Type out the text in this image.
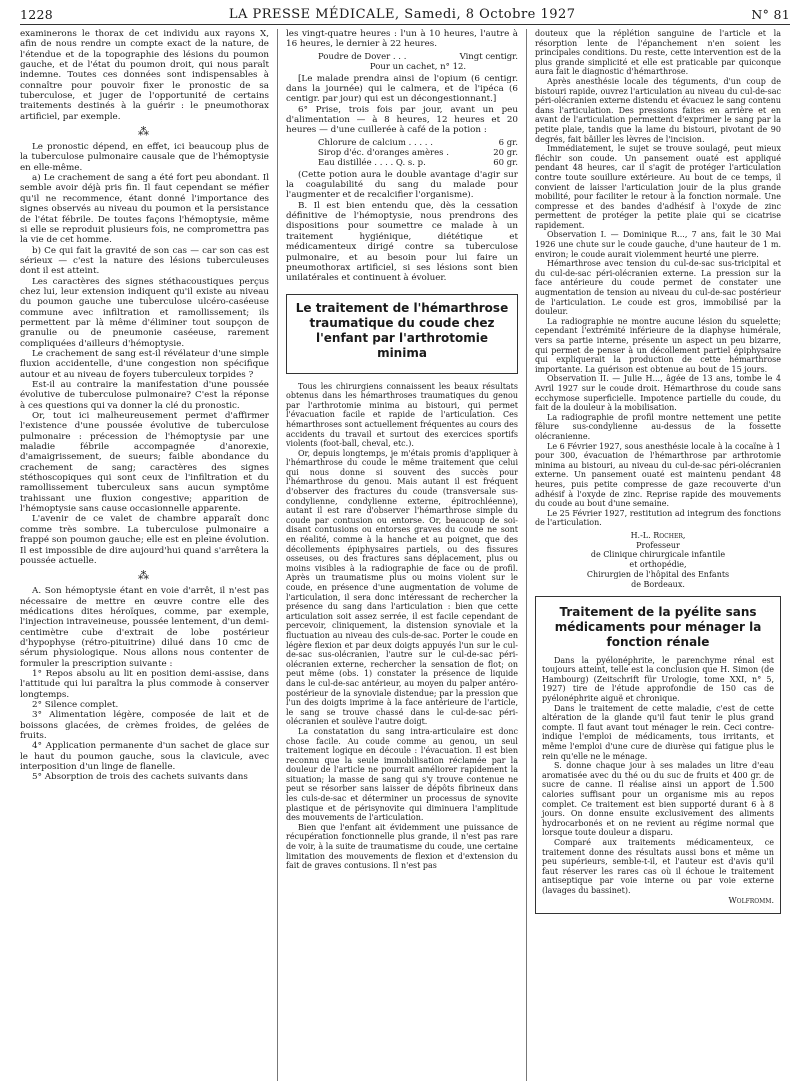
1228	LA PRESSE MÉDICALE, Samedi, 8 Octobre 1927	N° 81

examinerons le thorax de cet individu aux rayons X, afin de nous rendre un compte exact de la nature, de l'étendue et de la topographie des lésions du poumon gauche, et de l'état du poumon droit, qui nous paraît indemne. Toutes ces données sont indispensables à connaître pour pouvoir fixer le pronostic de sa tuberculose, et juger de l'opportunité de certains traitements destinés à la guérir : le pneumothorax artificiel, par exemple.

⁂

Le pronostic dépend, en effet, ici beaucoup plus de la tuberculose pulmonaire causale que de l'hémoptysie en elle-même.

a) Le crachement de sang a été fort peu abondant. Il semble avoir déjà pris fin. Il faut cependant se méfier qu'il ne recommence, étant donné l'importance des signes observés au niveau du poumon et la persistance de l'état fébrile. De toutes façons l'hémoptysie, même si elle se reproduit plusieurs fois, ne compromettra pas la vie de cet homme.

b) Ce qui fait la gravité de son cas — car son cas est sérieux — c'est la nature des lésions tuberculeuses dont il est atteint.

Les caractères des signes stéthacoustiques perçus chez lui, leur extension indiquent qu'il existe au niveau du poumon gauche une tuberculose ulcéro-caséeuse commune avec infiltration et ramollissement; ils permettent par là même d'éliminer tout soupçon de granulie ou de pneumonie caséeuse, rarement compliquées d'ailleurs d'hémoptysie.

Le crachement de sang est-il révélateur d'une simple fluxion accidentelle, d'une congestion non spécifique autour et au niveau de foyers tuberculeux torpides ?

Est-il au contraire la manifestation d'une poussée évolutive de tuberculose pulmonaire? C'est la réponse à ces questions qui va donner la clé du pronostic.

Or, tout ici malheureusement permet d'affirmer l'existence d'une poussée évolutive de tuberculose pulmonaire : précession de l'hémoptysie par une maladie fébrile accompagnée d'anorexie, d'amaigrissement, de sueurs; faible abondance du crachement de sang; caractères des signes stéthoscopiques qui sont ceux de l'infiltration et du ramollissement tuberculeux sans aucun symptôme trahissant une fluxion congestive; apparition de l'hémoptysie sans cause occasionnelle apparente.

L'avenir de ce valet de chambre apparaît donc comme très sombre. La tuberculose pulmonaire a frappé son poumon gauche; elle est en pleine évolution. Il est impossible de dire aujourd'hui quand s'arrêtera la poussée actuelle.

⁂

A. Son hémoptysie étant en voie d'arrêt, il n'est pas nécessaire de mettre en œuvre contre elle des médications dites héroïques, comme, par exemple, l'injection intraveineuse, poussée lentement, d'un demi-centimètre cube d'extrait de lobe postérieur d'hypophyse (rétro-pituitrine) dilué dans 10 cmc de sérum physiologique. Nous allons nous contenter de formuler la prescription suivante :

1° Repos absolu au lit en position demi-assise, dans l'attitude qui lui paraîtra la plus commode à conserver longtemps.

2° Silence complet.

3° Alimentation légère, composée de lait et de boissons glacées, de crèmes froides, de gelées de fruits.

4° Application permanente d'un sachet de glace sur le haut du poumon gauche, sous la clavicule, avec interposition d'un linge de flanelle.

5° Absorption de trois des cachets suivants dans

les vingt-quatre heures : l'un à 10 heures, l'autre à 16 heures, le dernier à 22 heures.

Poudre de Dover . . .	Vingt centigr.
Pour un cachet, n° 12.

[Le malade prendra ainsi de l'opium (6 centigr. dans la journée) qui le calmera, et de l'ipéca (6 centigr. par jour) qui est un décongestionnant.]

6° Prise, trois fois par jour, avant un peu d'alimentation — à 8 heures, 12 heures et 20 heures — d'une cuillerée à café de la potion :

Chlorure de calcium . . . . .	6 gr.
Sirop d'éc. d'oranges amères .	20 gr.
Eau distillée . . . . Q. s. p.	60 gr.

(Cette potion aura le double avantage d'agir sur la coagulabilité du sang du malade pour l'augmenter et de recalcifier l'organisme).

B. Il est bien entendu que, dès la cessation définitive de l'hémoptysie, nous prendrons des dispositions pour soumettre ce malade à un traitement hygiénique, diététique et médicamenteux dirigé contre sa tuberculose pulmonaire, et au besoin pour lui faire un pneumothorax artificiel, si ses lésions sont bien unilatérales et continuent à évoluer.

Le traitement de l'hémarthrose traumatique du coude chez l'enfant par l'arthrotomie minima

Tous les chirurgiens connaissent les beaux résultats obtenus dans les hémarthroses traumatiques du genou par l'arthrotomie minima au bistouri, qui permet l'évacuation facile et rapide de l'articulation. Ces hémarthroses sont actuellement fréquentes au cours des accidents du travail et surtout des exercices sportifs violents (foot-ball, cheval, etc.).

Or, depuis longtemps, je m'étais promis d'appliquer à l'hémarthrose du coude le même traitement que celui qui nous donne si souvent des succès pour l'hémarthrose du genou. Mais autant il est fréquent d'observer des fractures du coude (transversale sus-condylienne, condylienne externe, épitrochléenne), autant il est rare d'observer l'hémarthrose simple du coude par contusion ou entorse. Or, beaucoup de soi-disant contusions ou entorses graves du coude ne sont en réalité, comme à la hanche et au poignet, que des décollements épiphysaires partiels, ou des fissures osseuses, ou des fractures sans déplacement, plus ou moins visibles à la radiographie de face ou de profil. Après un traumatisme plus ou moins violent sur le coude, en présence d'une augmentation de volume de l'articulation, il sera donc intéressant de rechercher la présence du sang dans l'articulation : bien que cette articulation soit assez serrée, il est facile cependant de percevoir, cliniquement, la distension synoviale et la fluctuation au niveau des culs-de-sac. Porter le coude en légère flexion et par deux doigts appuyés l'un sur le cul-de-sac sus-olécranien, l'autre sur le cul-de-sac péri-olécranien externe, rechercher la sensation de flot; on peut même (obs. 1) constater la présence de liquide dans le cul-de-sac antérieur, au moyen du palper antéro-postérieur de la synoviale distendue; par la pression que l'un des doigts imprime à la face antérieure de l'article, le sang se trouve chassé dans le cul-de-sac péri-olécranien et soulève l'autre doigt.

La constatation du sang intra-articulaire est donc chose facile. Au coude comme au genou, un seul traitement logique en découle : l'évacuation. Il est bien reconnu que la seule immobilisation réclamée par la douleur de l'article ne pourrait améliorer rapidement la situation; la masse de sang qui s'y trouve contenue ne peut se résorber sans laisser de dépôts fibrineux dans les culs-de-sac et déterminer un processus de synovite plastique et de périsynovite qui diminuera l'amplitude des mouvements de l'articulation.

Bien que l'enfant ait évidemment une puissance de récupération fonctionnelle plus grande, il n'est pas rare de voir, à la suite de traumatisme du coude, une certaine limitation des mouvements de flexion et d'extension du fait de graves contusions. Il n'est pas

douteux que la réplétion sanguine de l'article et la résorption lente de l'épanchement n'en soient les principales conditions. Du reste, cette intervention est de la plus grande simplicité et elle est praticable par quiconque aura fait le diagnostic d'hémarthrose.

Après anesthésie locale des téguments, d'un coup de bistouri rapide, ouvrez l'articulation au niveau du cul-de-sac péri-olécranien externe distendu et évacuez le sang contenu dans l'articulation. Des pressions faites en arrière et en avant de l'articulation permettent d'exprimer le sang par la petite plaie, tandis que la lame du bistouri, pivotant de 90 degrés, fait bâiller les lèvres de l'incision.

Immédiatement, le sujet se trouve soulagé, peut mieux fléchir son coude. Un pansement ouaté est appliqué pendant 48 heures, car il s'agit de protéger l'articulation contre toute souillure extérieure. Au bout de ce temps, il convient de laisser l'articulation jouir de la plus grande mobilité, pour faciliter le retour à la fonction normale. Une compresse et des bandes d'adhésif à l'oxyde de zinc permettent de protéger la petite plaie qui se cicatrise rapidement.

Observation I. — Dominique R..., 7 ans, fait le 30 Mai 1926 une chute sur le coude gauche, d'une hauteur de 1 m. environ; le coude aurait violemment heurté une pierre.

Hémarthrose avec tension du cul-de-sac sus-tricipital et du cul-de-sac péri-olécranien externe. La pression sur la face antérieure du coude permet de constater une augmentation de tension au niveau du cul-de-sac postérieur de l'articulation. Le coude est gros, immobilisé par la douleur.

La radiographie ne montre aucune lésion du squelette; cependant l'extrémité inférieure de la diaphyse humérale, vers sa partie interne, présente un aspect un peu bizarre, qui permet de penser à un décollement partiel épiphysaire qui expliquerait la production de cette hémarthrose importante. La guérison est obtenue au bout de 15 jours.

Observation II. — Julie H..., âgée de 13 ans, tombe le 4 Avril 1927 sur le coude droit. Hémarthrose du coude sans ecchymose superficielle. Impotence partielle du coude, du fait de la douleur à la mobilisation.

La radiographie de profil montre nettement une petite fêlure sus-condylienne au-dessus de la fossette olécranienne.

Le 6 Février 1927, sous anesthésie locale à la cocaïne à 1 pour 300, évacuation de l'hémarthrose par arthrotomie minima au bistouri, au niveau du cul-de-sac péri-olécranien externe. Un pansement ouaté est maintenu pendant 48 heures, puis petite compresse de gaze recouverte d'un adhésif à l'oxyde de zinc. Reprise rapide des mouvements du coude au bout d'une semaine.

Le 25 Février 1927, restitution ad integrum des fonctions de l'articulation.

H.-L. Rocher,
Professeur
de Clinique chirurgicale infantile
et orthopédie,
Chirurgien de l'hôpital des Enfants
de Bordeaux.
Traitement de la pyélite sans médicaments pour ménager la fonction rénale

Dans la pyélonéphrite, le parenchyme rénal est toujours atteint, telle est la conclusion que H. Simon (de Hambourg) (Zeitschrift für Urologie, tome XXI, n° 5, 1927) tire de l'étude approfondie de 150 cas de pyélonéphrite aiguë et chronique.

Dans le traitement de cette maladie, c'est de cette altération de la glande qu'il faut tenir le plus grand compte. Il faut avant tout ménager le rein. Ceci contre-indique l'emploi de médicaments, tous irritants, et même l'emploi d'une cure de diurèse qui fatigue plus le rein qu'elle ne le ménage.

S. donne chaque jour à ses malades un litre d'eau aromatisée avec du thé ou du suc de fruits et 400 gr. de sucre de canne. Il réalise ainsi un apport de 1.500 calories suffisant pour un organisme mis au repos complet. Ce traitement est bien supporté durant 6 à 8 jours. On donne ensuite exclusivement des aliments hydrocarbonés et on ne revient au régime normal que lorsque toute douleur a disparu.

Comparé aux traitements médicamenteux, ce traitement donne des résultats aussi bons et même un peu supérieurs, semble-t-il, et l'auteur est d'avis qu'il faut réserver les rares cas où il échoue le traitement antiseptique par voie interne ou par voie externe (lavages du bassinet).

Wolfromm.
